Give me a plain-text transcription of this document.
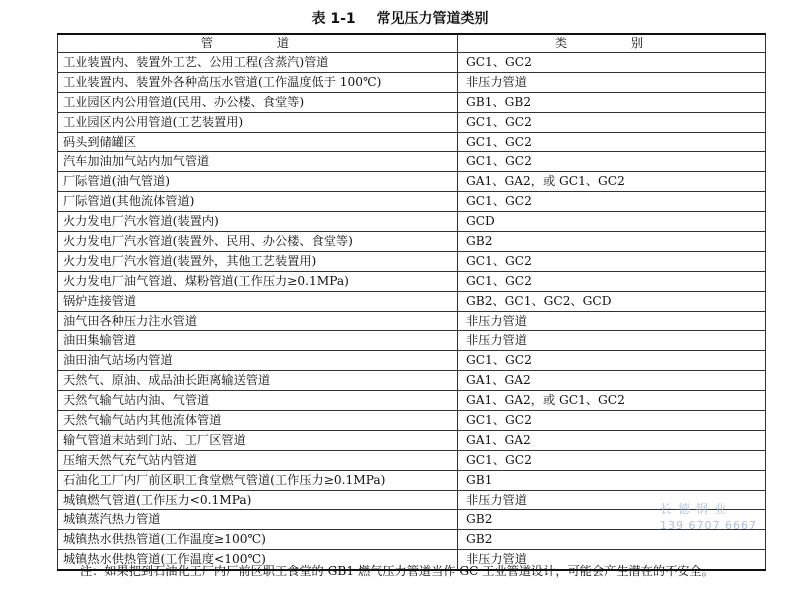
表 1-1 常见压力管道类别
管 道	类 别
工业装置内、装置外工艺、公用工程(含蒸汽)管道	GC1、GC2
工业装置内、装置外各种高压水管道(工作温度低于 100℃)	非压力管道
工业园区内公用管道(民用、办公楼、食堂等)	GB1、GB2
工业园区内公用管道(工艺装置用)	GC1、GC2
码头到储罐区	GC1、GC2
汽车加油加气站内加气管道	GC1、GC2
厂际管道(油气管道)	GA1、GA2，或 GC1、GC2
厂际管道(其他流体管道)	GC1、GC2
火力发电厂汽水管道(装置内)	GCD
火力发电厂汽水管道(装置外、民用、办公楼、食堂等)	GB2
火力发电厂汽水管道(装置外，其他工艺装置用)	GC1、GC2
火力发电厂油气管道、煤粉管道(工作压力≥0.1MPa)	GC1、GC2
锅炉连接管道	GB2、GC1、GC2、GCD
油气田各种压力注水管道	非压力管道
油田集输管道	非压力管道
油田油气站场内管道	GC1、GC2
天然气、原油、成品油长距离输送管道	GA1、GA2
天然气输气站内油、气管道	GA1、GA2，或 GC1、GC2
天然气输气站内其他流体管道	GC1、GC2
输气管道末站到门站、工厂区管道	GA1、GA2
压缩天然气充气站内管道	GC1、GC2
石油化工厂内厂前区职工食堂燃气管道(工作压力≥0.1MPa)	GB1
城镇燃气管道(工作压力<0.1MPa)	非压力管道
城镇蒸汽热力管道	GB2
城镇热水供热管道(工作温度≥100℃)	GB2
城镇热水供热管道(工作温度<100℃)	非压力管道
注：如果把到石油化工厂内厂前区职工食堂的 GB1 燃气压力管道当作 GC 工业管道设计，可能会产生潜在的不安全。
长德钢业
139 6707 6667
